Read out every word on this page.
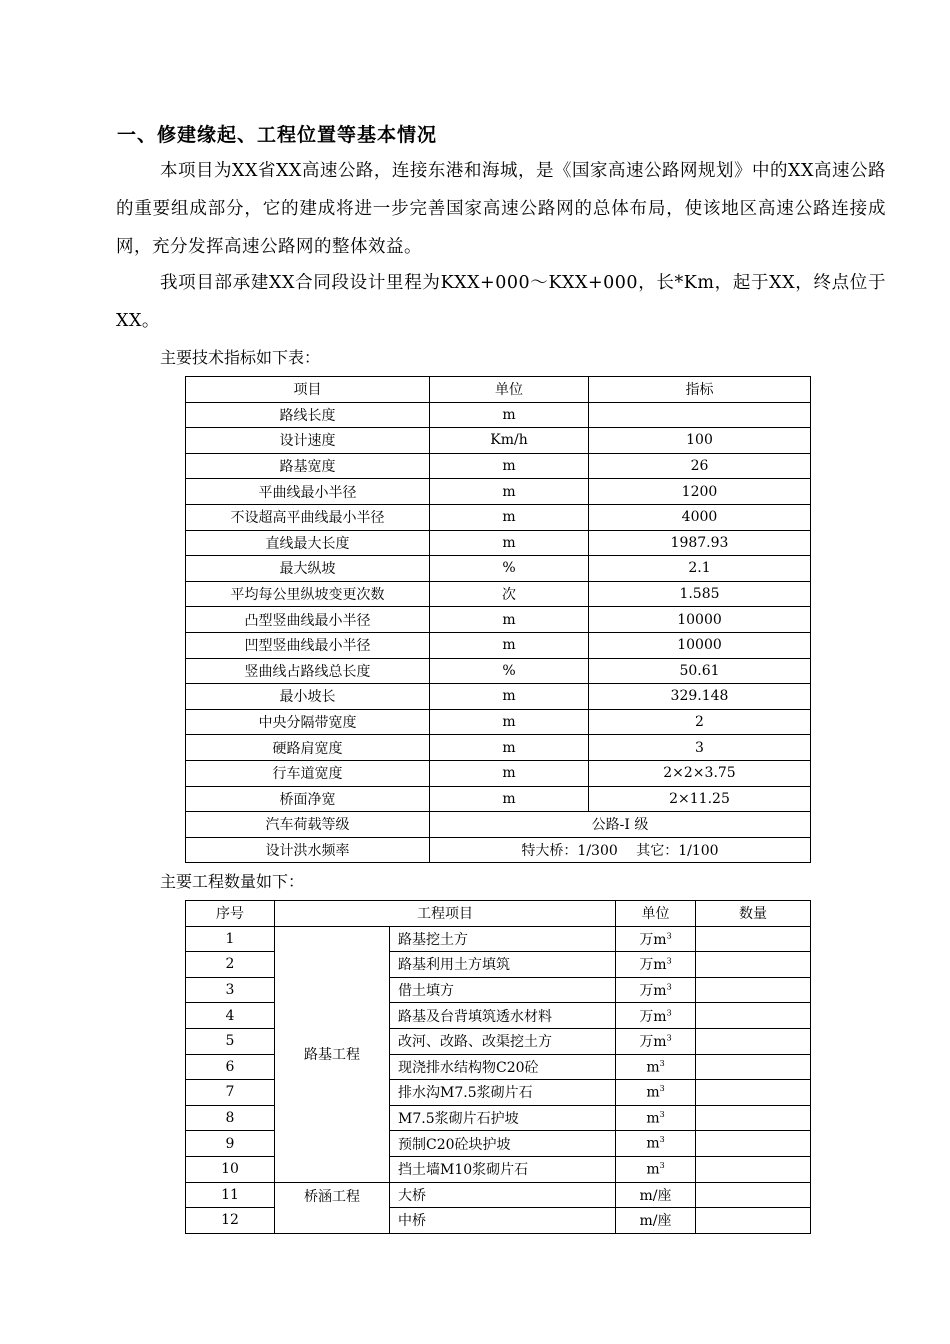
一、修建缘起、工程位置等基本情况
本项目为XX省XX高速公路，连接东港和海城，是《国家高速公路网规划》中的XX高速公路的重要组成部分，它的建成将进一步完善国家高速公路网的总体布局，使该地区高速公路连接成网，充分发挥高速公路网的整体效益。
我项目部承建XX合同段设计里程为KXX+000～KXX+000，长*Km，起于XX，终点位于XX。
主要技术指标如下表：
项目	单位	指标
路线长度	m	
设计速度	Km/h	100
路基宽度	m	26
平曲线最小半径	m	1200
不设超高平曲线最小半径	m	4000
直线最大长度	m	1987.93
最大纵坡	%	2.1
平均每公里纵坡变更次数	次	1.585
凸型竖曲线最小半径	m	10000
凹型竖曲线最小半径	m	10000
竖曲线占路线总长度	%	50.61
最小坡长	m	329.148
中央分隔带宽度	m	2
硬路肩宽度	m	3
行车道宽度	m	2×2×3.75
桥面净宽	m	2×11.25
汽车荷载等级	公路-Ⅰ 级	
设计洪水频率	特大桥：1/300　 其它：1/100	
主要工程数量如下：
序号	工程项目		单位	数量
1	路基工程	路基挖土方	万$m^3$	
2		路基利用土方填筑	万$m^3$	
3		借土填方	万$m^3$	
4		路基及台背填筑透水材料	万$m^3$	
5		改河、改路、改渠挖土方	万$m^3$	
6		现浇排水结构物C20砼	$m^3$	
7		排水沟M7.5浆砌片石	$m^3$	
8		M7.5浆砌片石护坡	$m^3$	
9		预制C20砼块护坡	$m^3$	
10		挡土墙M10浆砌片石	$m^3$	
11	桥涵工程	大桥	m/座	
12		中桥	m/座	
